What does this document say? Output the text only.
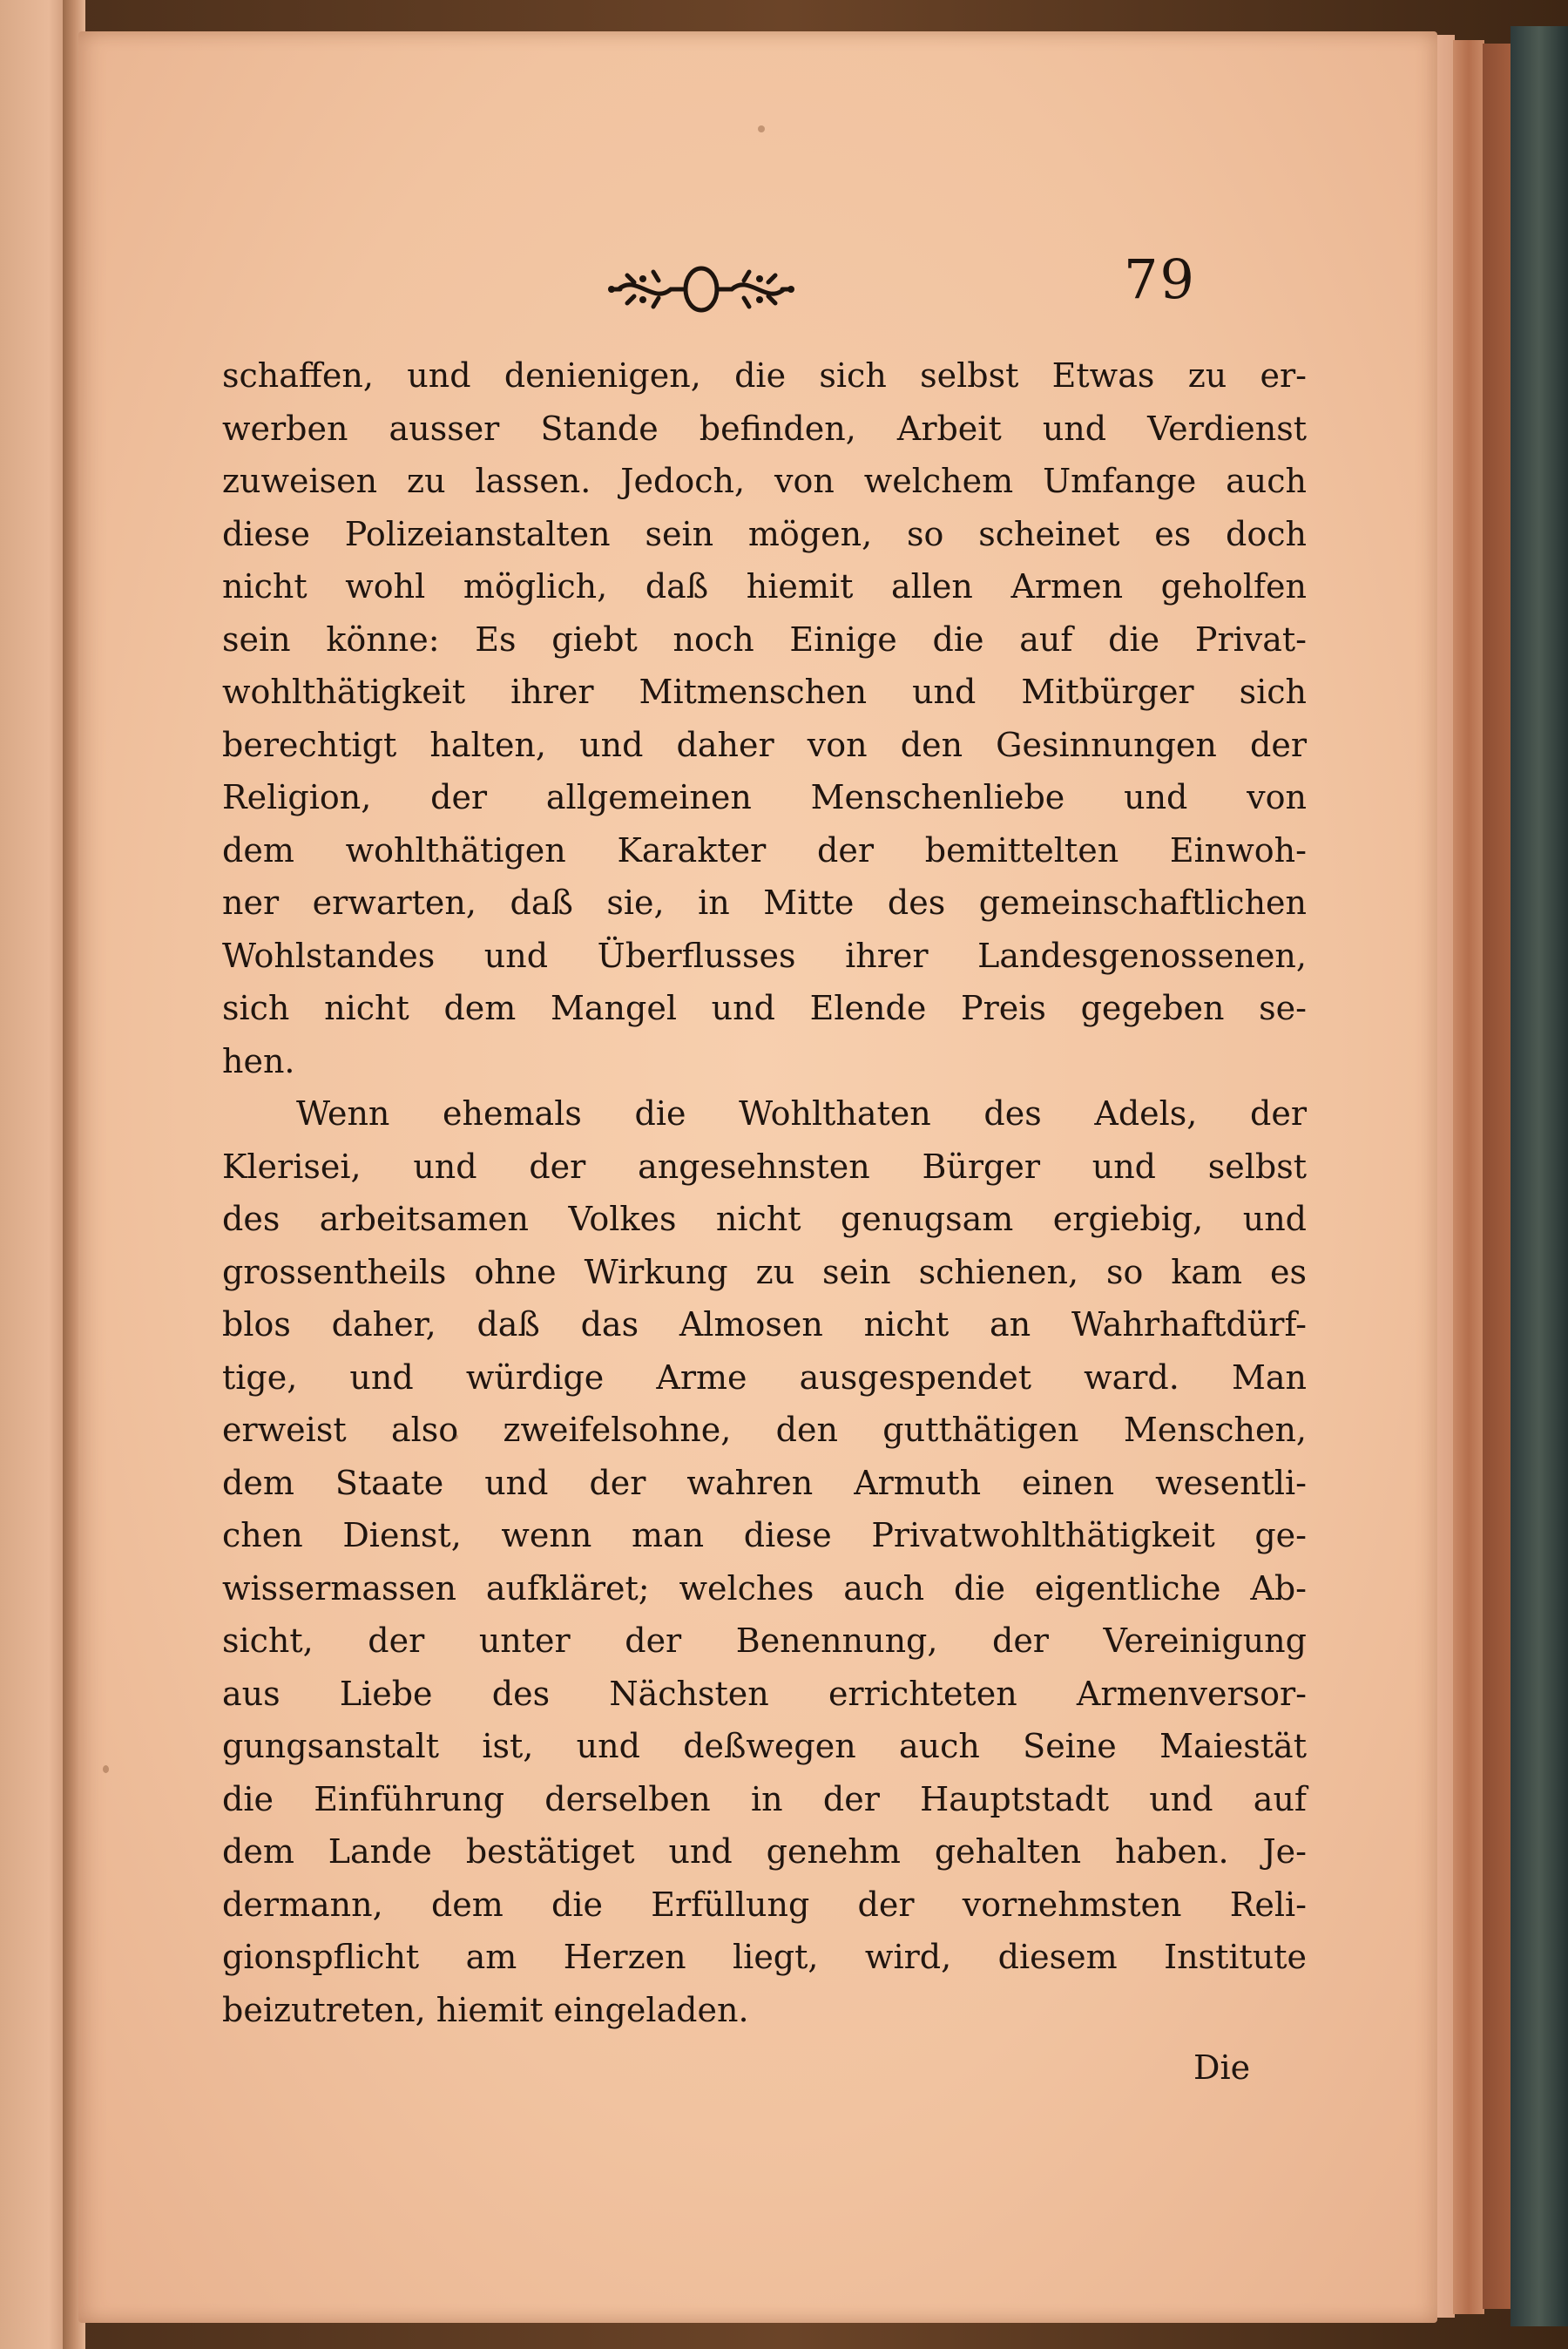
79
schaffen, und denienigen, die sich selbst Etwas zu er-
werben ausser Stande befinden, Arbeit und Verdienst
zuweisen zu lassen. Jedoch, von welchem Umfange auch
diese Polizeianstalten sein mögen, so scheinet es doch
nicht wohl möglich, daß hiemit allen Armen geholfen
sein könne: Es giebt noch Einige die auf die Privat-
wohlthätigkeit ihrer Mitmenschen und Mitbürger sich
berechtigt halten, und daher von den Gesinnungen der
Religion, der allgemeinen Menschenliebe und von
dem wohlthätigen Karakter der bemittelten Einwoh-
ner erwarten, daß sie, in Mitte des gemeinschaftlichen
Wohlstandes und Überflusses ihrer Landesgenossenen,
sich nicht dem Mangel und Elende Preis gegeben se-
hen.
Wenn ehemals die Wohlthaten des Adels, der
Klerisei, und der angesehnsten Bürger und selbst
des arbeitsamen Volkes nicht genugsam ergiebig, und
grossentheils ohne Wirkung zu sein schienen, so kam es
blos daher, daß das Almosen nicht an Wahrhaftdürf-
tige, und würdige Arme ausgespendet ward. Man
erweist also zweifelsohne, den gutthätigen Menschen,
dem Staate und der wahren Armuth einen wesentli-
chen Dienst, wenn man diese Privatwohlthätigkeit ge-
wissermassen aufkläret; welches auch die eigentliche Ab-
sicht, der unter der Benennung, der Vereinigung
aus Liebe des Nächsten errichteten Armenversor-
gungsanstalt ist, und deßwegen auch Seine Maiestät
die Einführung derselben in der Hauptstadt und auf
dem Lande bestätiget und genehm gehalten haben. Je-
dermann, dem die Erfüllung der vornehmsten Reli-
gionspflicht am Herzen liegt, wird, diesem Institute
beizutreten, hiemit eingeladen.
Die
